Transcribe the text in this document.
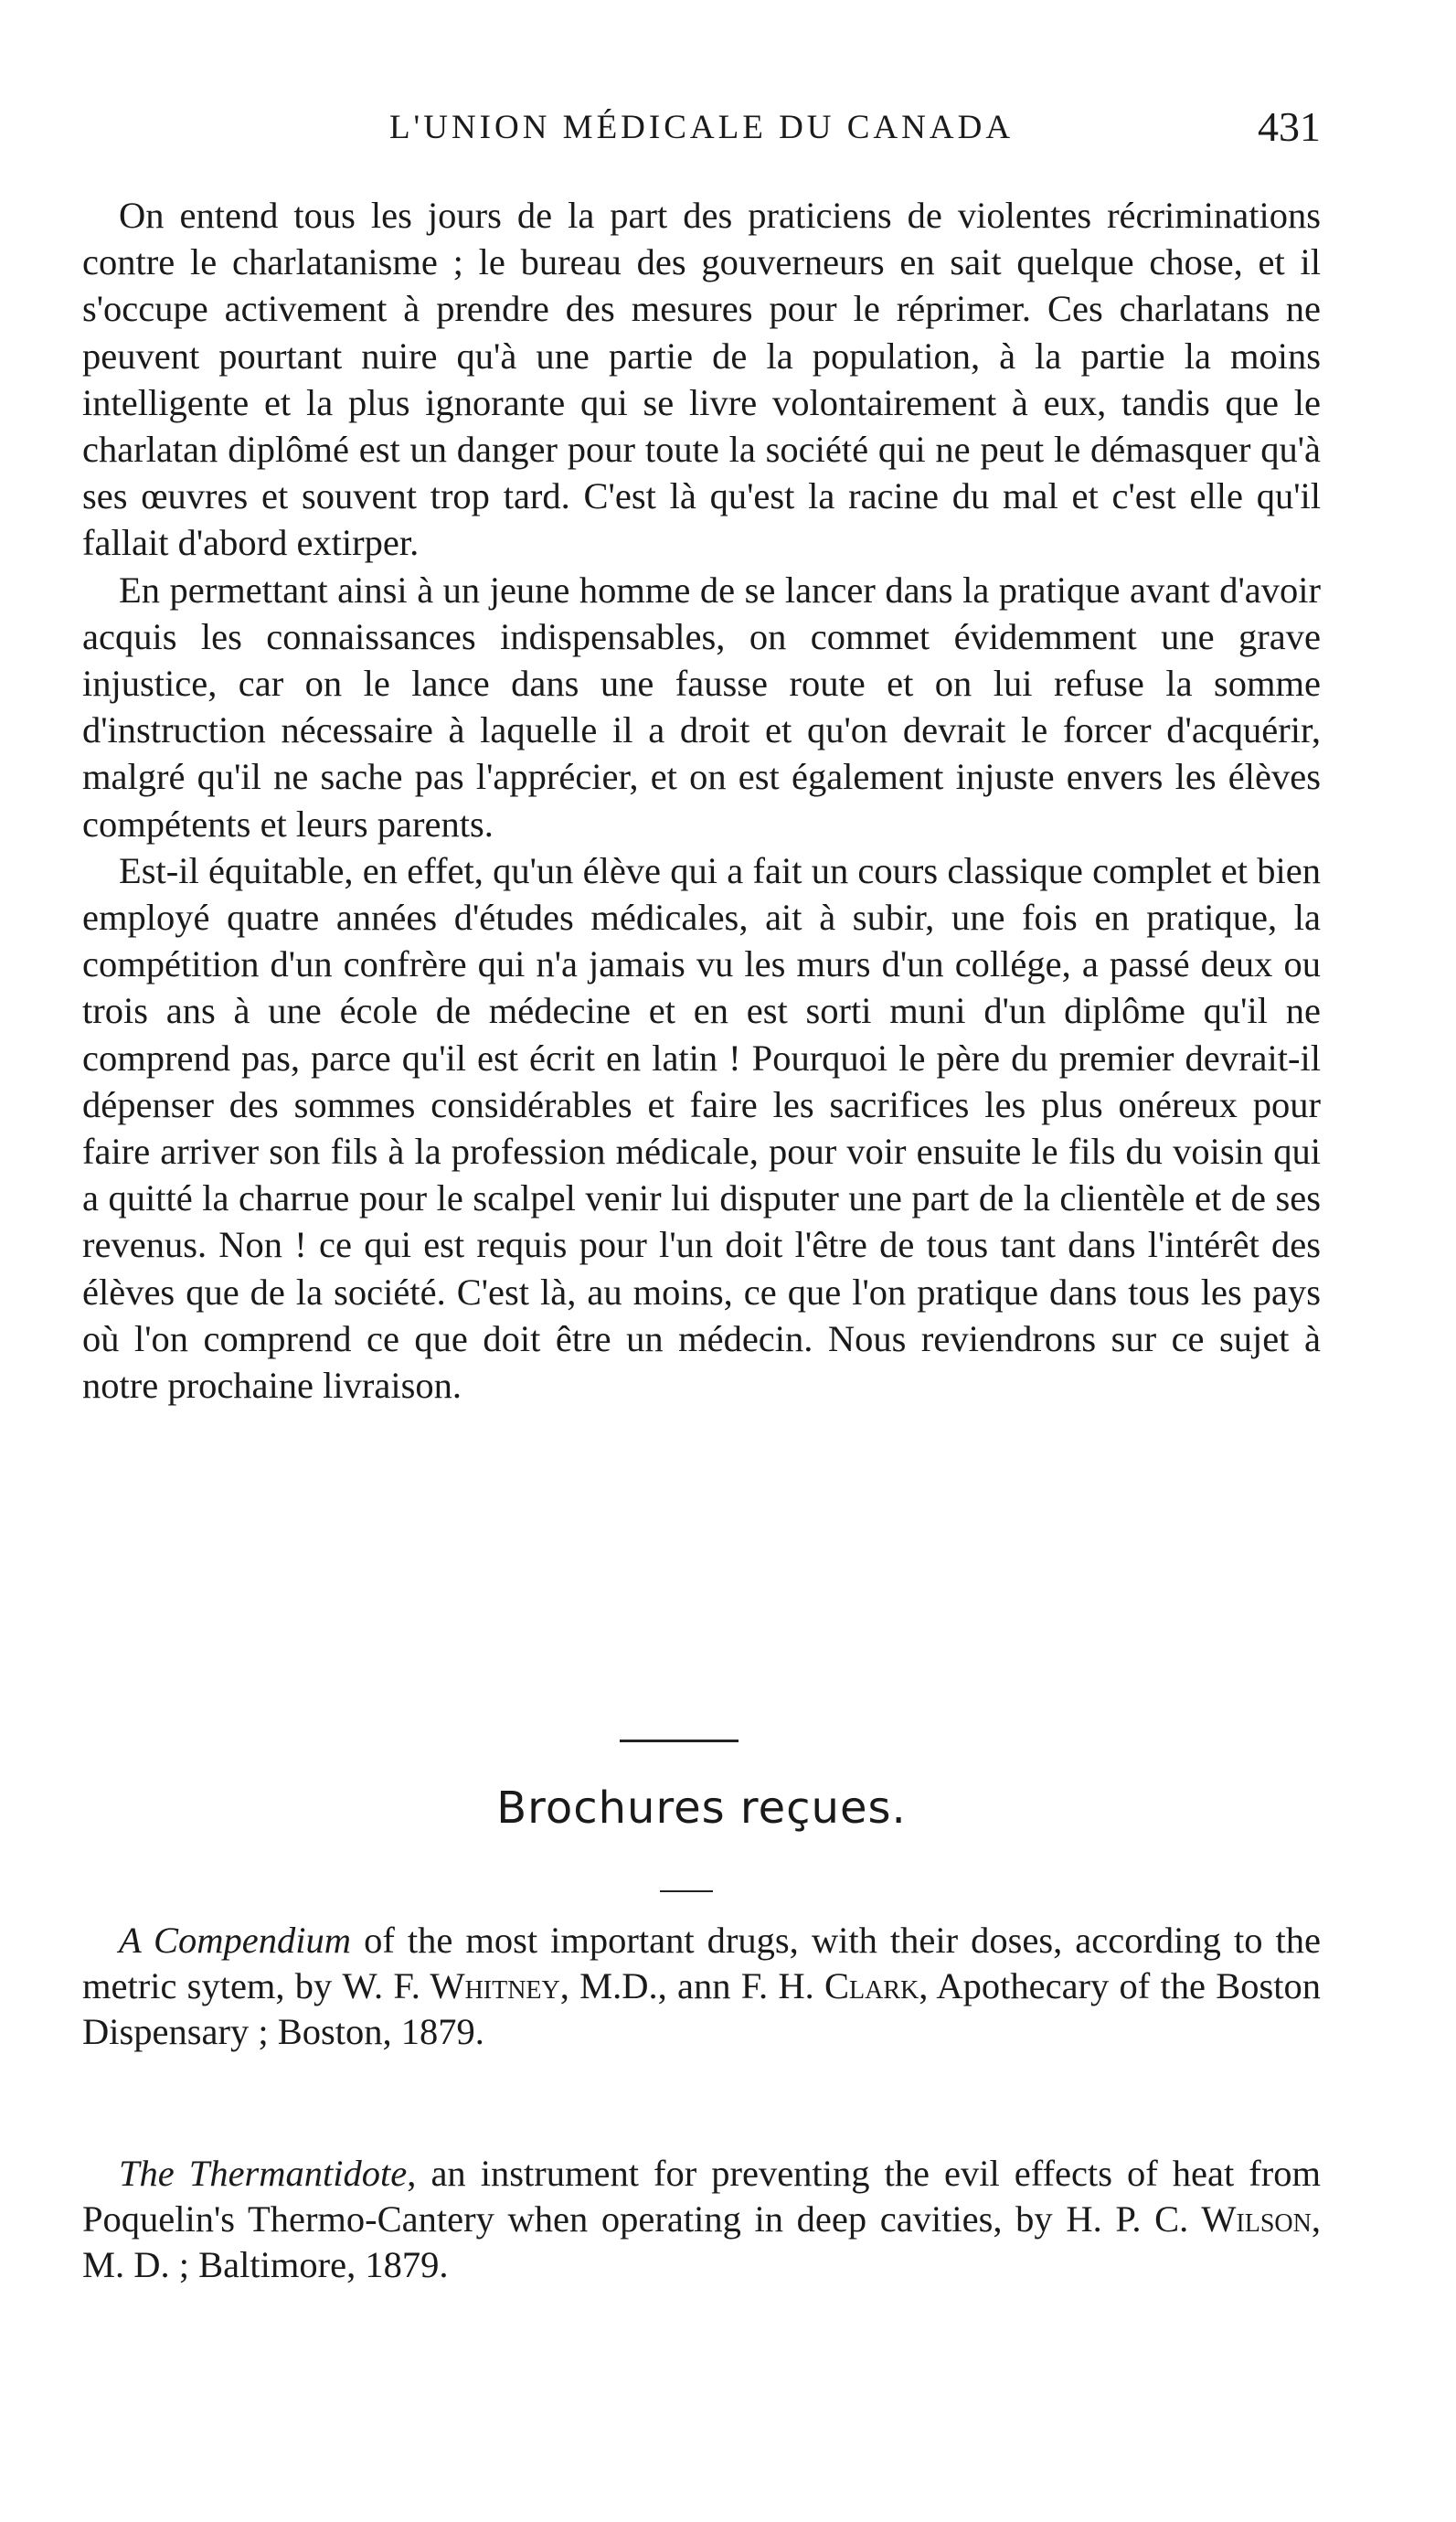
L'UNION MÉDICALE DU CANADA	431

On entend tous les jours de la part des praticiens de violentes récriminations contre le charlatanisme ; le bureau des gouverneurs en sait quelque chose, et il s'occupe activement à prendre des mesures pour le réprimer. Ces charlatans ne peuvent pourtant nuire qu'à une partie de la population, à la partie la moins intelligente et la plus ignorante qui se livre volontairement à eux, tandis que le charlatan diplômé est un danger pour toute la société qui ne peut le démasquer qu'à ses œuvres et souvent trop tard. C'est là qu'est la racine du mal et c'est elle qu'il fallait d'abord extirper.

En permettant ainsi à un jeune homme de se lancer dans la pratique avant d'avoir acquis les connaissances indispensables, on commet évidemment une grave injustice, car on le lance dans une fausse route et on lui refuse la somme d'instruction nécessaire à laquelle il a droit et qu'on devrait le forcer d'acquérir, malgré qu'il ne sache pas l'apprécier, et on est également injuste envers les élèves compétents et leurs parents.

Est-il équitable, en effet, qu'un élève qui a fait un cours classique complet et bien employé quatre années d'études médicales, ait à subir, une fois en pratique, la compétition d'un confrère qui n'a jamais vu les murs d'un collége, a passé deux ou trois ans à une école de médecine et en est sorti muni d'un diplôme qu'il ne comprend pas, parce qu'il est écrit en latin ! Pourquoi le père du premier devrait-il dépenser des sommes considérables et faire les sacrifices les plus onéreux pour faire arriver son fils à la profession médicale, pour voir ensuite le fils du voisin qui a quitté la charrue pour le scalpel venir lui disputer une part de la clientèle et de ses revenus. Non ! ce qui est requis pour l'un doit l'être de tous tant dans l'intérêt des élèves que de la société. C'est là, au moins, ce que l'on pratique dans tous les pays où l'on comprend ce que doit être un médecin. Nous reviendrons sur ce sujet à notre prochaine livraison.

Brochures reçues.

A Compendium of the most important drugs, with their doses, according to the metric sytem, by W. F. Whitney, M.D., ann F. H. Clark, Apothecary of the Boston Dispensary ; Boston, 1879.

The Thermantidote, an instrument for preventing the evil effects of heat from Poquelin's Thermo-Cantery when operating in deep cavities, by H. P. C. Wilson, M. D. ; Baltimore, 1879.
